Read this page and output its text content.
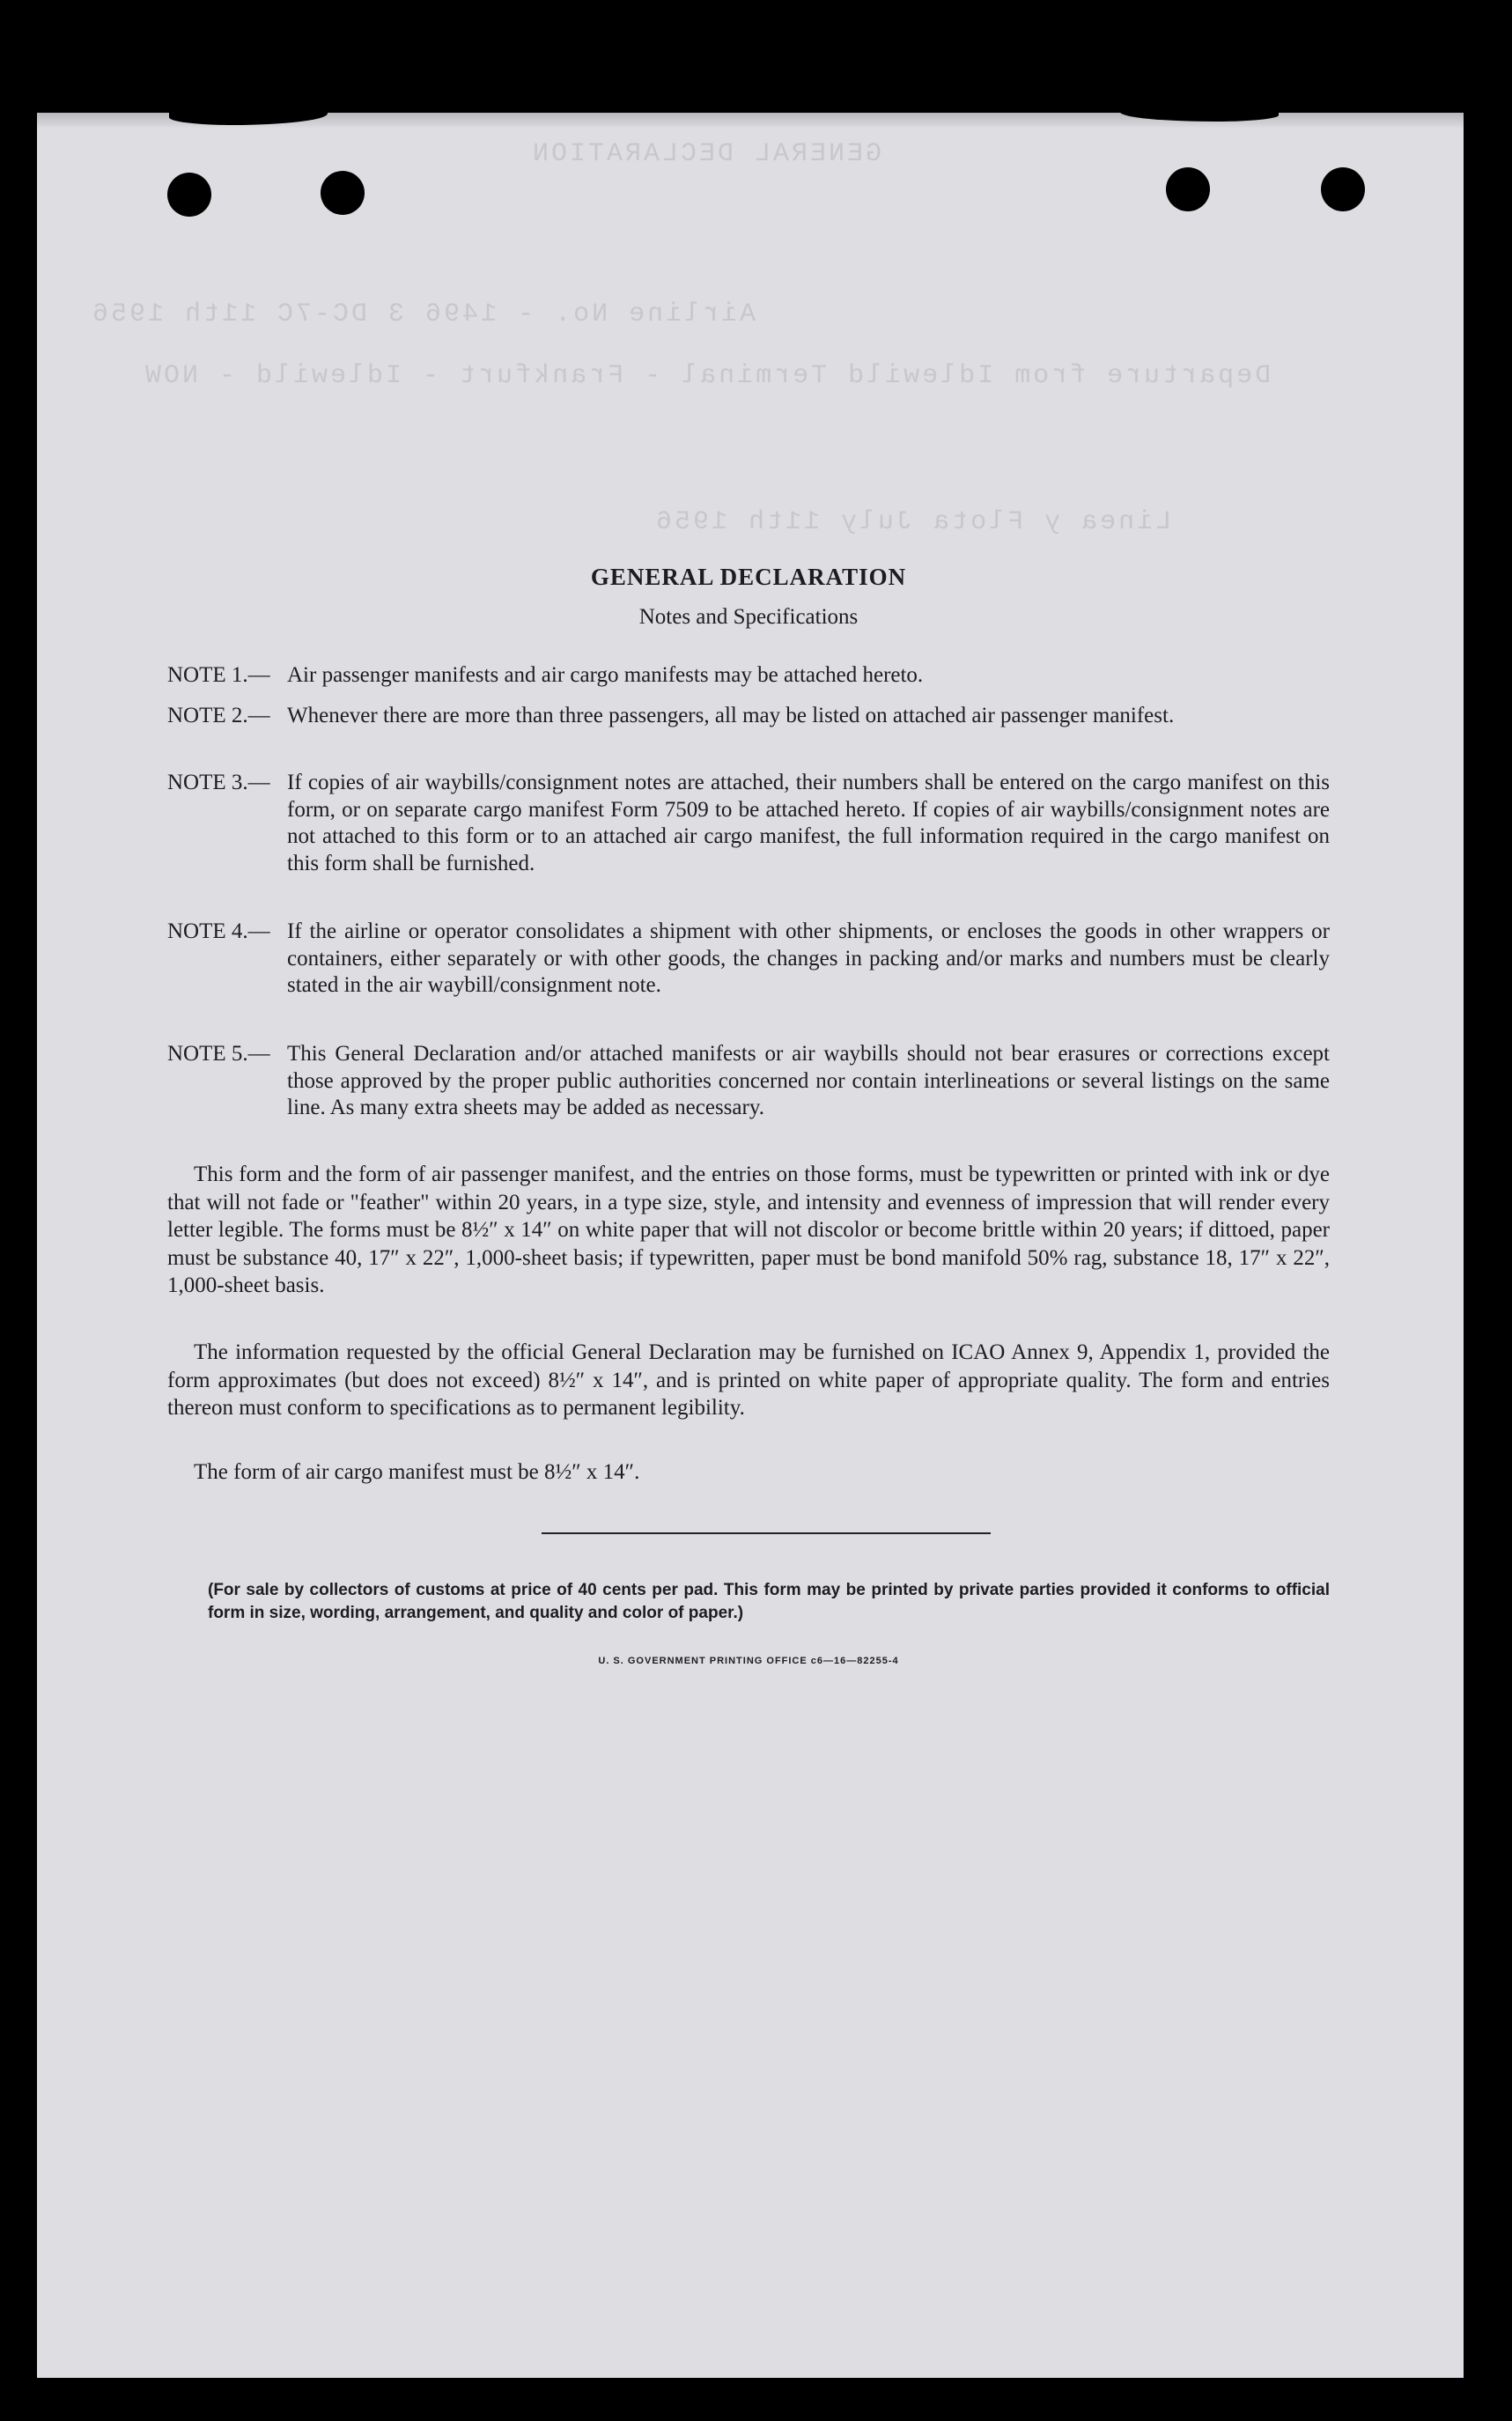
GENERAL DECLARATION
Airline No. - 1496 3 DC-7C 11th 1956
Departure from Idlewild Terminal - Frankfurt - Idlewild - NOW
Linea y Flota July 11th 1956
GENERAL DECLARATION
Notes and Specifications
Air passenger manifests and air cargo manifests may be attached hereto.
NOTE 1.—
NOTE 2.— Whenever there are more than three passengers, all may be listed on attached air passenger manifest.
NOTE 3.— If copies of air waybills/consignment notes are attached, their numbers shall be entered on the cargo manifest on this form, or on separate cargo manifest Form 7509 to be attached hereto. If copies of air waybills/consignment notes are not attached to this form or to an attached air cargo manifest, the full information required in the cargo manifest on this form shall be furnished.
NOTE 4.— If the airline or operator consolidates a shipment with other shipments, or encloses the goods in other wrappers or containers, either separately or with other goods, the changes in packing and/or marks and numbers must be clearly stated in the air waybill/consignment note.
NOTE 5.— This General Declaration and/or attached manifests or air waybills should not bear erasures or corrections except those approved by the proper public authorities concerned nor contain interlineations or several listings on the same line. As many extra sheets may be added as necessary.
This form and the form of air passenger manifest, and the entries on those forms, must be typewritten or printed with ink or dye that will not fade or "feather" within 20 years, in a type size, style, and intensity and evenness of impression that will render every letter legible. The forms must be 8½″ x 14″ on white paper that will not discolor or become brittle within 20 years; if dittoed, paper must be substance 40, 17″ x 22″, 1,000-sheet basis; if typewritten, paper must be bond manifold 50% rag, substance 18, 17″ x 22″, 1,000-sheet basis.
The information requested by the official General Declaration may be furnished on ICAO Annex 9, Appendix 1, provided the form approximates (but does not exceed) 8½″ x 14″, and is printed on white paper of appropriate quality. The form and entries thereon must conform to specifications as to permanent legibility.
The form of air cargo manifest must be 8½″ x 14″.
(For sale by collectors of customs at price of 40 cents per pad. This form may be printed by private parties provided it conforms to official form in size, wording, arrangement, and quality and color of paper.)
U. S. GOVERNMENT PRINTING OFFICE c6—16—82255-4
